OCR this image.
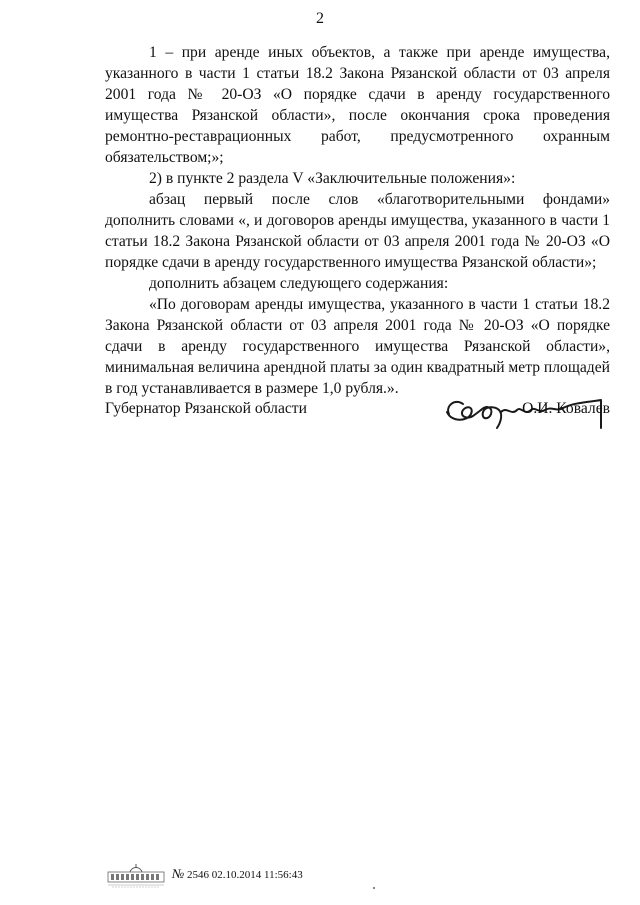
2

1 – при аренде иных объектов, а также при аренде имущества, указанного в части 1 статьи 18.2 Закона Рязанской области от 03 апреля 2001 года № 20-ОЗ «О порядке сдачи в аренду государственного имущества Рязанской области», после окончания срока проведения ремонтно-реставрационных работ, предусмотренного охранным обязательством;»;

2) в пункте 2 раздела V «Заключительные положения»:

абзац первый после слов «благотворительными фондами» дополнить словами «, и договоров аренды имущества, указанного в части 1 статьи 18.2 Закона Рязанской области от 03 апреля 2001 года № 20-ОЗ «О порядке сдачи в аренду государственного имущества Рязанской области»;

дополнить абзацем следующего содержания:

«По договорам аренды имущества, указанного в части 1 статьи 18.2 Закона Рязанской области от 03 апреля 2001 года № 20-ОЗ «О порядке сдачи в аренду государственного имущества Рязанской области», минимальная величина арендной платы за один квадратный метр площадей в год устанавливается в размере 1,0 рубля.».

Губернатор Рязанской области	О.И. Ковалев
№ 2546 02.10.2014 11:56:43
